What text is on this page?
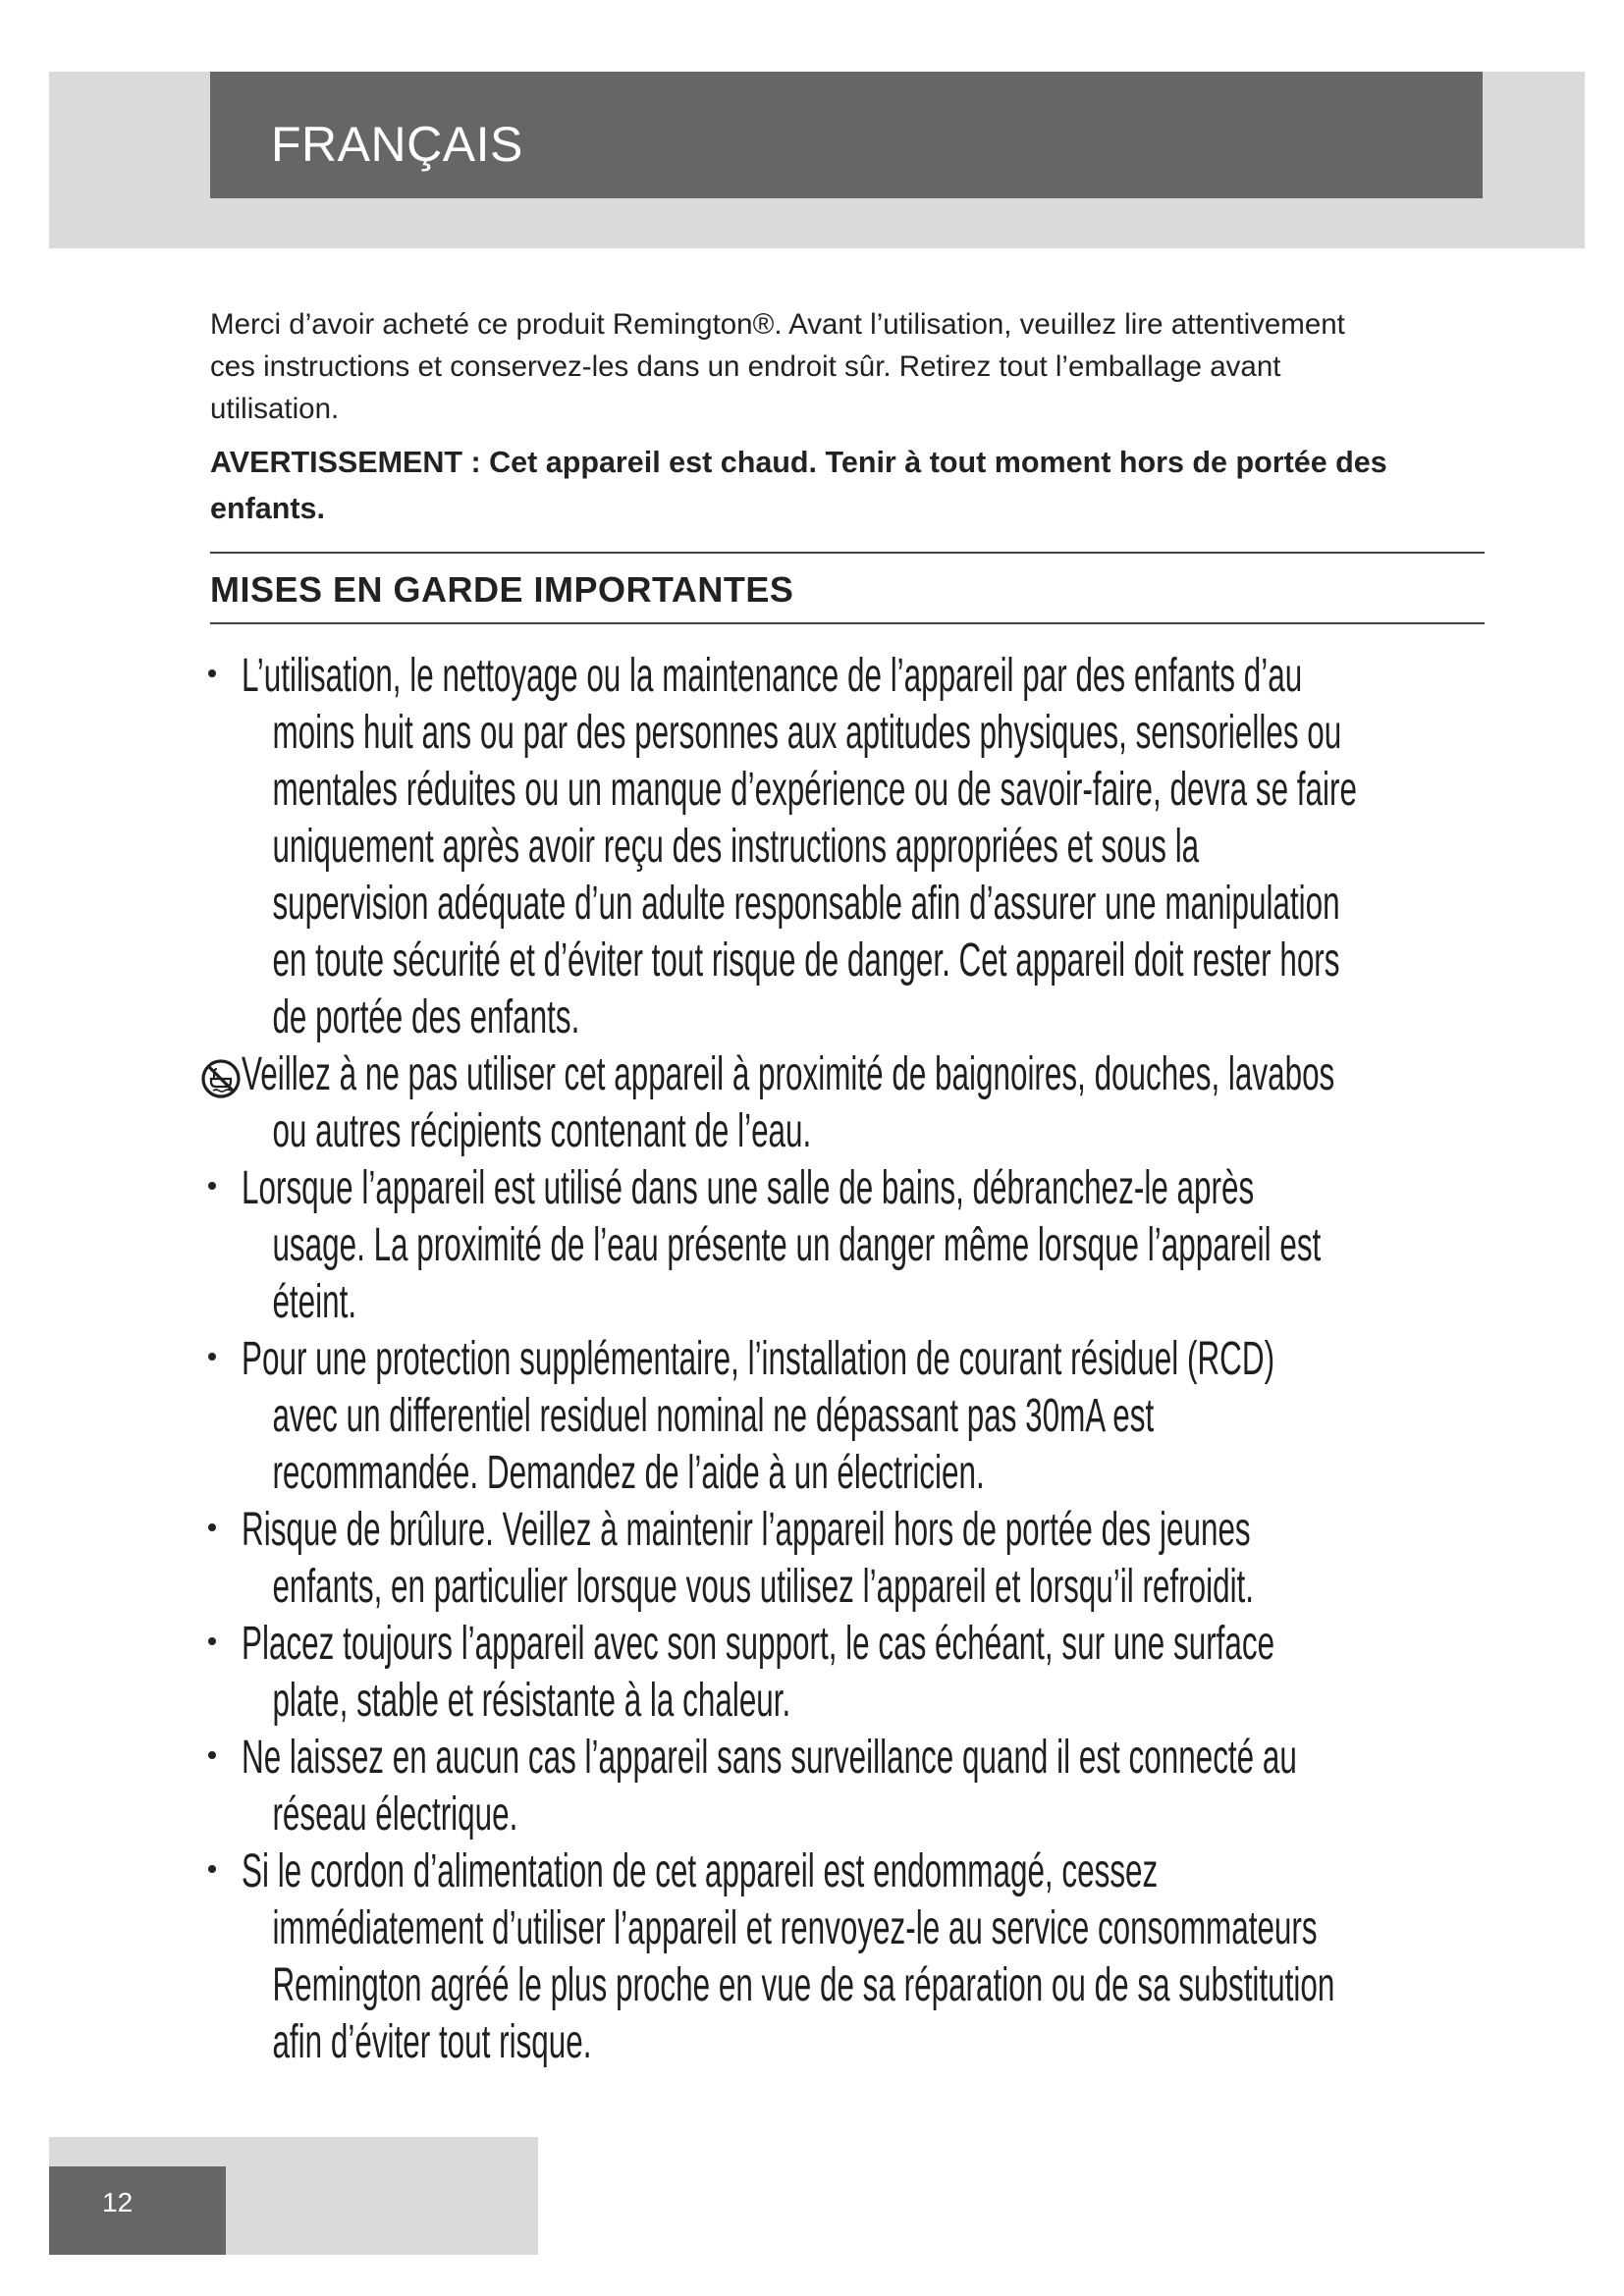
FRANÇAIS
Merci d’avoir acheté ce produit Remington®. Avant l’utilisation, veuillez lire attentivement
ces instructions et conservez-les dans un endroit sûr. Retirez tout l’emballage avant
utilisation.
AVERTISSEMENT : Cet appareil est chaud. Tenir à tout moment hors de portée des
enfants.
MISES EN GARDE IMPORTANTES
L’utilisation, le nettoyage ou la maintenance de l’appareil par des enfants d’au
moins huit ans ou par des personnes aux aptitudes physiques, sensorielles ou
mentales réduites ou un manque d’expérience ou de savoir-faire, devra se faire
uniquement après avoir reçu des instructions appropriées et sous la
supervision adéquate d’un adulte responsable afin d’assurer une manipulation
en toute sécurité et d’éviter tout risque de danger. Cet appareil doit rester hors
de portée des enfants.
Veillez à ne pas utiliser cet appareil à proximité de baignoires, douches, lavabos
ou autres récipients contenant de l’eau.
Lorsque l’appareil est utilisé dans une salle de bains, débranchez-le après
usage. La proximité de l’eau présente un danger même lorsque l’appareil est
éteint.
Pour une protection supplémentaire, l’installation de courant résiduel (RCD)
avec un differentiel residuel nominal ne dépassant pas 30mA est
recommandée. Demandez de l’aide à un électricien.
Risque de brûlure. Veillez à maintenir l’appareil hors de portée des jeunes
enfants, en particulier lorsque vous utilisez l’appareil et lorsqu’il refroidit.
Placez toujours l’appareil avec son support, le cas échéant, sur une surface
plate, stable et résistante à la chaleur.
Ne laissez en aucun cas l’appareil sans surveillance quand il est connecté au
réseau électrique.
Si le cordon d’alimentation de cet appareil est endommagé, cessez
immédiatement d’utiliser l’appareil et renvoyez-le au service consommateurs
Remington agréé le plus proche en vue de sa réparation ou de sa substitution
afin d’éviter tout risque.
12
